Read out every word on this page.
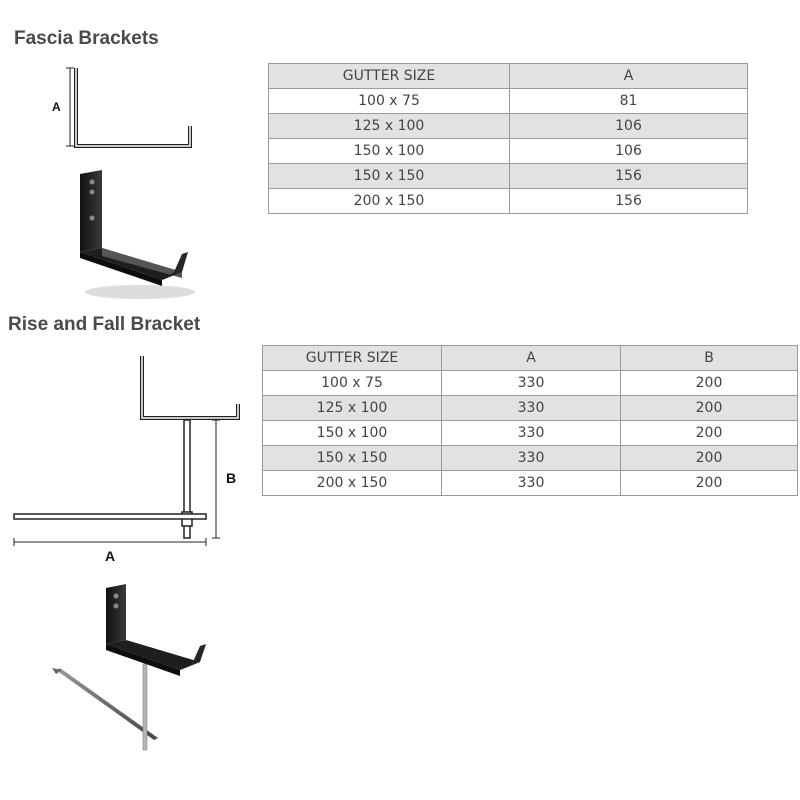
Fascia Brackets
A
GUTTER SIZE	A
100 x 75	81
125 x 100	106
150 x 100	106
150 x 150	156
200 x 150	156
Rise and Fall Bracket
B
A
GUTTER SIZE	A	B
100 x 75	330	200
125 x 100	330	200
150 x 100	330	200
150 x 150	330	200
200 x 150	330	200
